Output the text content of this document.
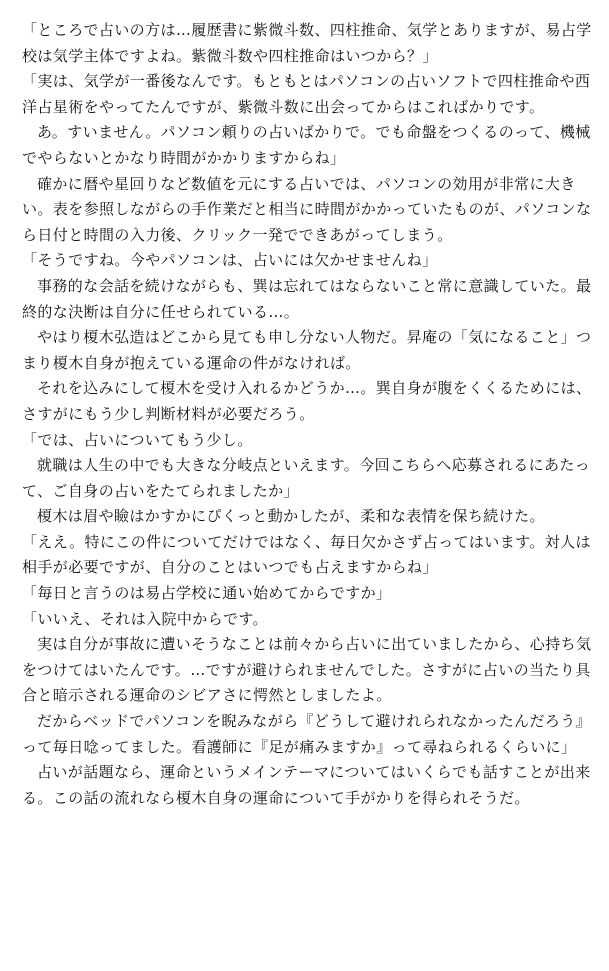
「ところで占いの方は…履歴書に紫微斗数、四柱推命、気学とありますが、易占学校は気学主体ですよね。紫微斗数や四柱推命はいつから？」

「実は、気学が一番後なんです。もともとはパソコンの占いソフトで四柱推命や西洋占星術をやってたんですが、紫微斗数に出会ってからはこればかりです。

あ。すいません。パソコン頼りの占いばかりで。でも命盤をつくるのって、機械でやらないとかなり時間がかかりますからね」

確かに暦や星回りなど数値を元にする占いでは、パソコンの効用が非常に大きい。表を参照しながらの手作業だと相当に時間がかかっていたものが、パソコンなら日付と時間の入力後、クリック一発でできあがってしまう。

「そうですね。今やパソコンは、占いには欠かせませんね」

事務的な会話を続けながらも、巽は忘れてはならないこと常に意識していた。最終的な決断は自分に任せられている…。

やはり榎木弘造はどこから見ても申し分ない人物だ。昇庵の「気になること」つまり榎木自身が抱えている運命の件がなければ。

それを込みにして榎木を受け入れるかどうか…。巽自身が腹をくくるためには、さすがにもう少し判断材料が必要だろう。

「では、占いについてもう少し。

就職は人生の中でも大きな分岐点といえます。今回こちらへ応募されるにあたって、ご自身の占いをたてられましたか」

榎木は眉や瞼はかすかにぴくっと動かしたが、柔和な表情を保ち続けた。

「ええ。特にこの件についてだけではなく、毎日欠かさず占ってはいます。対人は相手が必要ですが、自分のことはいつでも占えますからね」

「毎日と言うのは易占学校に通い始めてからですか」

「いいえ、それは入院中からです。

実は自分が事故に遭いそうなことは前々から占いに出ていましたから、心持ち気をつけてはいたんです。…ですが避けられませんでした。さすがに占いの当たり具合と暗示される運命のシビアさに愕然としましたよ。

だからベッドでパソコンを睨みながら『どうして避けれられなかったんだろう』って毎日唸ってました。看護師に『足が痛みますか』って尋ねられるくらいに」

占いが話題なら、運命というメインテーマについてはいくらでも話すことが出来る。この話の流れなら榎木自身の運命について手がかりを得られそうだ。
